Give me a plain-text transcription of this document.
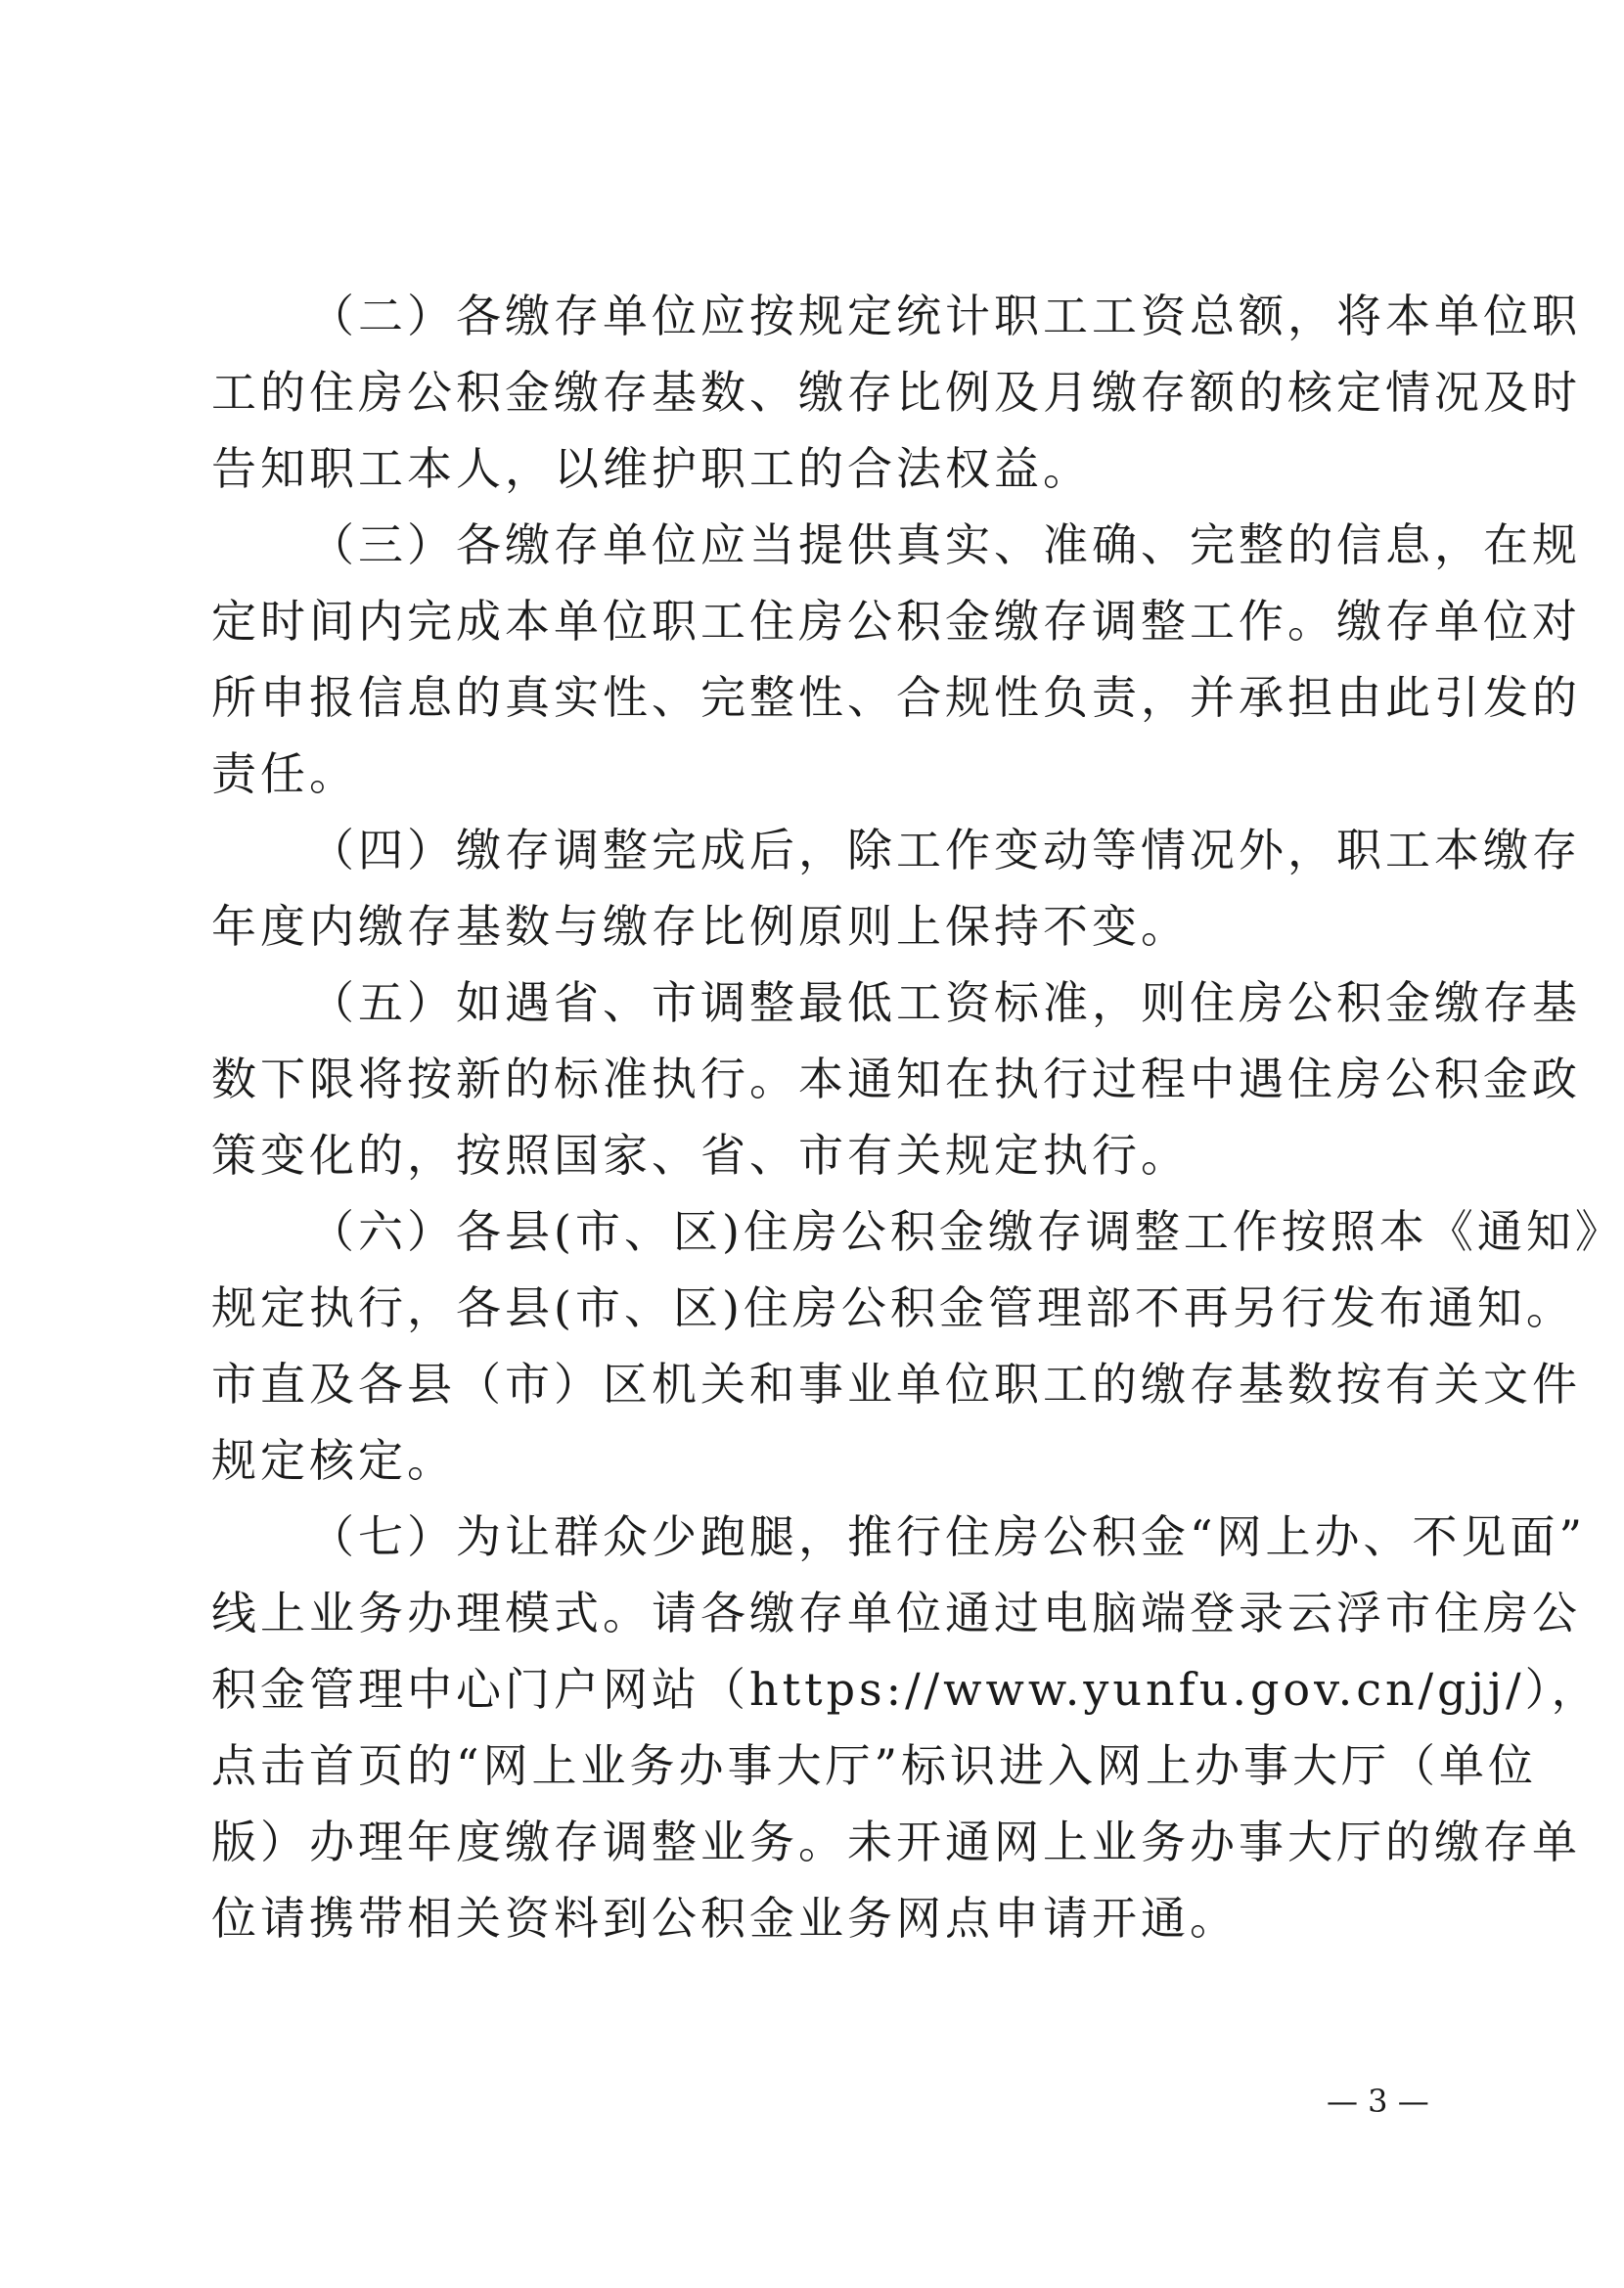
（二）各缴存单位应按规定统计职工工资总额，将本单位职
工的住房公积金缴存基数、缴存比例及月缴存额的核定情况及时
告知职工本人，以维护职工的合法权益。
（三）各缴存单位应当提供真实、准确、完整的信息，在规
定时间内完成本单位职工住房公积金缴存调整工作。缴存单位对
所申报信息的真实性、完整性、合规性负责，并承担由此引发的
责任。
（四）缴存调整完成后，除工作变动等情况外，职工本缴存
年度内缴存基数与缴存比例原则上保持不变。
（五）如遇省、市调整最低工资标准，则住房公积金缴存基
数下限将按新的标准执行。本通知在执行过程中遇住房公积金政
策变化的，按照国家、省、市有关规定执行。
（六）各县(市、区)住房公积金缴存调整工作按照本《通知》
规定执行，各县(市、区)住房公积金管理部不再另行发布通知。
市直及各县（市）区机关和事业单位职工的缴存基数按有关文件
规定核定。
（七）为让群众少跑腿，推行住房公积金“网上办、不见面”
线上业务办理模式。请各缴存单位通过电脑端登录云浮市住房公
积金管理中心门户网站（https://www.yunfu.gov.cn/gjj/），
点击首页的“网上业务办事大厅”标识进入网上办事大厅（单位
版）办理年度缴存调整业务。未开通网上业务办事大厅的缴存单
位请携带相关资料到公积金业务网点申请开通。
— 3 —
